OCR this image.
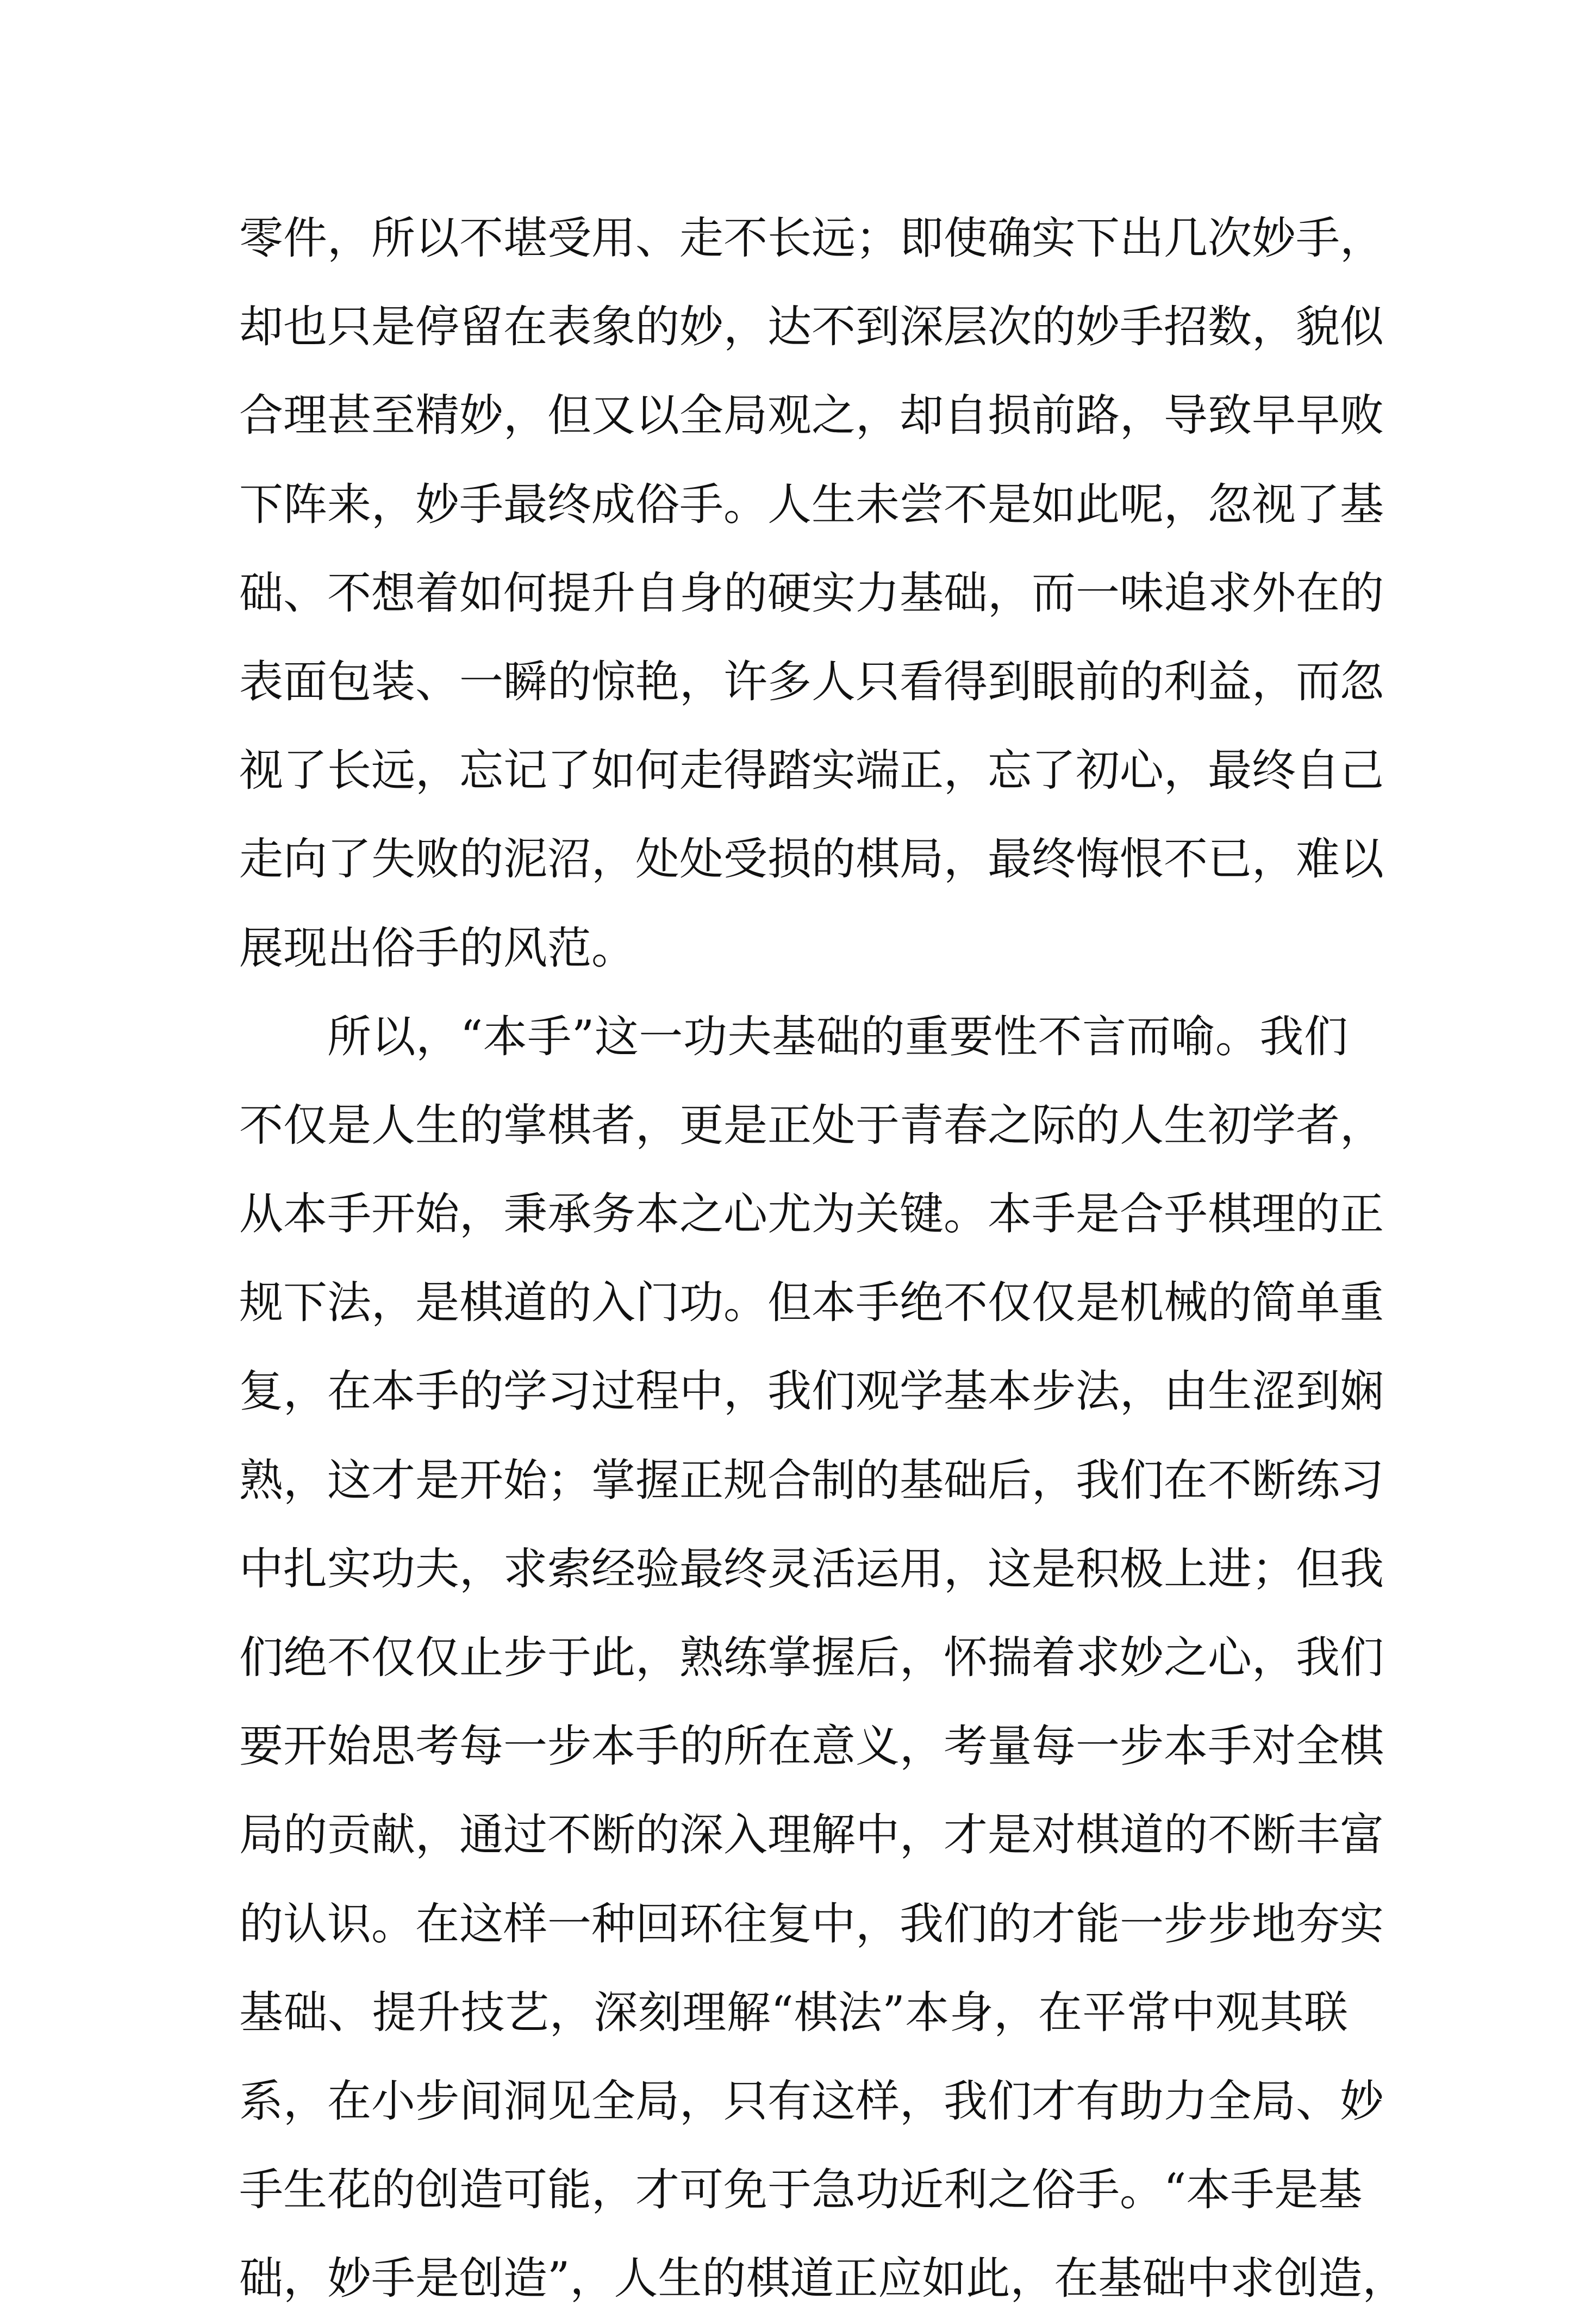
零件，所以不堪受用、走不长远；即使确实下出几次妙手，
却也只是停留在表象的妙，达不到深层次的妙手招数，貌似
合理甚至精妙，但又以全局观之，却自损前路，导致早早败
下阵来，妙手最终成俗手。人生未尝不是如此呢，忽视了基
础、不想着如何提升自身的硬实力基础，而一味追求外在的
表面包装、一瞬的惊艳，许多人只看得到眼前的利益，而忽
视了长远，忘记了如何走得踏实端正，忘了初心，最终自己
走向了失败的泥沼，处处受损的棋局，最终悔恨不已，难以
展现出俗手的风范。
所以，“本手”这一功夫基础的重要性不言而喻。我们
不仅是人生的掌棋者，更是正处于青春之际的人生初学者，
从本手开始，秉承务本之心尤为关键。本手是合乎棋理的正
规下法，是棋道的入门功。但本手绝不仅仅是机械的简单重
复，在本手的学习过程中，我们观学基本步法，由生涩到娴
熟，这才是开始；掌握正规合制的基础后，我们在不断练习
中扎实功夫，求索经验最终灵活运用，这是积极上进；但我
们绝不仅仅止步于此，熟练掌握后，怀揣着求妙之心，我们
要开始思考每一步本手的所在意义，考量每一步本手对全棋
局的贡献，通过不断的深入理解中，才是对棋道的不断丰富
的认识。在这样一种回环往复中，我们的才能一步步地夯实
基础、提升技艺，深刻理解“棋法”本身，在平常中观其联
系，在小步间洞见全局，只有这样，我们才有助力全局、妙
手生花的创造可能，才可免于急功近利之俗手。“本手是基
础，妙手是创造”，人生的棋道正应如此，在基础中求创造，
